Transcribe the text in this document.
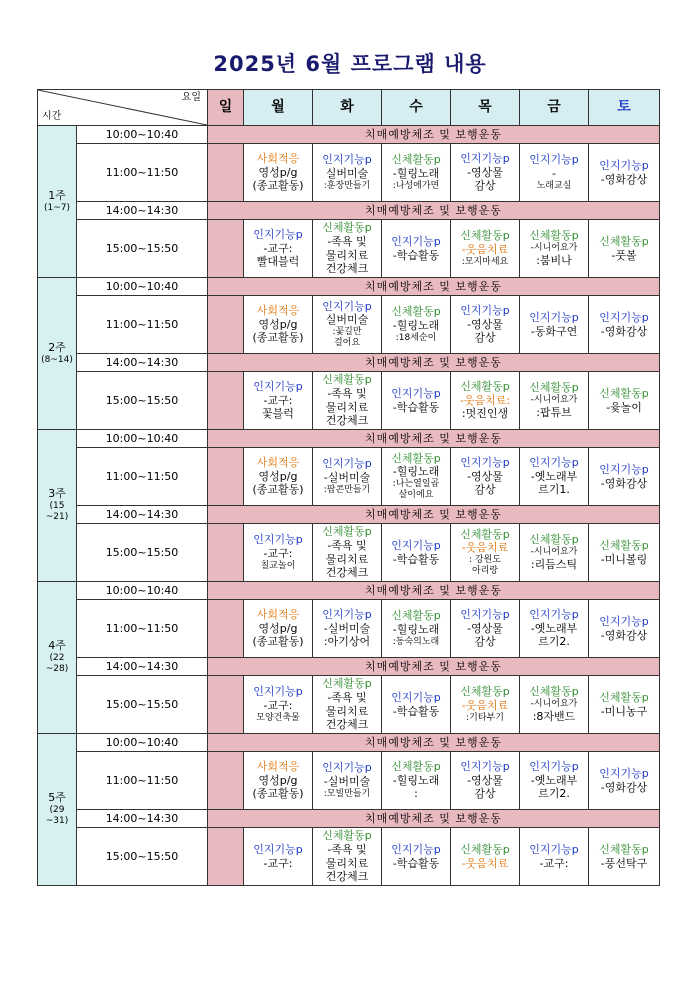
2025년 6월 프로그램 내용
요일
시간		일	월	화	수	목	금	토

1주
(1~7)	10:00~10:40	치매예방체조 및 보행운동						
	11:00~11:50		사회적응
영성p/g
(종교활동)	인지기능p
실버미술
:훈장만들기	신체활동p
-힐링노래
:나성에가면	인지기능p
-영상물
감상	인지기능p
-
노래교실	인지기능p
-영화감상

	14:00~14:30	치매예방체조 및 보행운동						
	15:00~15:50		인지기능p
-교구:
빨대블럭	신체활동p
-족욕 및
물리치료
건강체크	인지기능p
-학습활동	신체활동p
-웃음치료
:모지마세요	신체활동p
-시니어요가
:붐비나	신체활동p
-풋볼

2주
(8~14)	10:00~10:40	치매예방체조 및 보행운동						
	11:00~11:50		사회적응
영성p/g
(종교활동)	인지기능p
실버미술
:꽃길만
걸어요	신체활동p
-힐링노래
:18세순이	인지기능p
-영상물
감상	인지기능p
-동화구연	인지기능p
-영화감상

	14:00~14:30	치매예방체조 및 보행운동						
	15:00~15:50		인지기능p
-교구:
꽃블럭	신체활동p
-족욕 및
물리치료
건강체크	인지기능p
-학습활동	신체활동p
-웃음치료:
:멋진인생	신체활동p
-시니어요가
:팝튜브	신체활동p
-윷놀이

3주
(15 ~21)	10:00~10:40	치매예방체조 및 보행운동						
	11:00~11:50		사회적응
영성p/g
(종교활동)	인지기능p
-실버미술
:팝콘만들기	신체활동p
-힐링노래
:나는열일곱
살이에요	인지기능p
-영상물
감상	인지기능p
-옛노래부
르기1.	인지기능p
-영화감상

	14:00~14:30	치매예방체조 및 보행운동						
	15:00~15:50		인지기능p
-교구:
칠교놀이	신체활동p
-족욕 및
물리치료
건강체크	인지기능p
-학습활동	신체활동p
-웃음치료
: 강원도
아리랑	신체활동p
-시니어요가
:리듬스틱	신체활동p
-미니볼링

4주
(22 ~28)	10:00~10:40	치매예방체조 및 보행운동						
	11:00~11:50		사회적응
영성p/g
(종교활동)	인지기능p
-실버미술
:아기상어	신체활동p
-힐링노래
:동숙의노래	인지기능p
-영상물
감상	인지기능p
-옛노래부
르기2.	인지기능p
-영화감상

	14:00~14:30	치매예방체조 및 보행운동						
	15:00~15:50		인지기능p
-교구:
모양건축물	신체활동p
-족욕 및
물리치료
건강체크	인지기능p
-학습활동	신체활동p
-웃음치료
:기타부기	신체활동p
-시니어요가
:8자밴드	신체활동p
-미니농구

5주
(29 ~31)	10:00~10:40	치매예방체조 및 보행운동						
	11:00~11:50		사회적응
영성p/g
(종교활동)	인지기능p
-실버미술
:모빌만들기	신체활동p
-힐링노래
:	인지기능p
-영상물
감상	인지기능p
-옛노래부
르기2.	인지기능p
-영화감상

	14:00~14:30	치매예방체조 및 보행운동						
	15:00~15:50		인지기능p
-교구:	신체활동p
-족욕 및
물리치료
건강체크	인지기능p
-학습활동	신체활동p
-웃음치료	인지기능p
-교구:	신체활동p
-풍선탁구
